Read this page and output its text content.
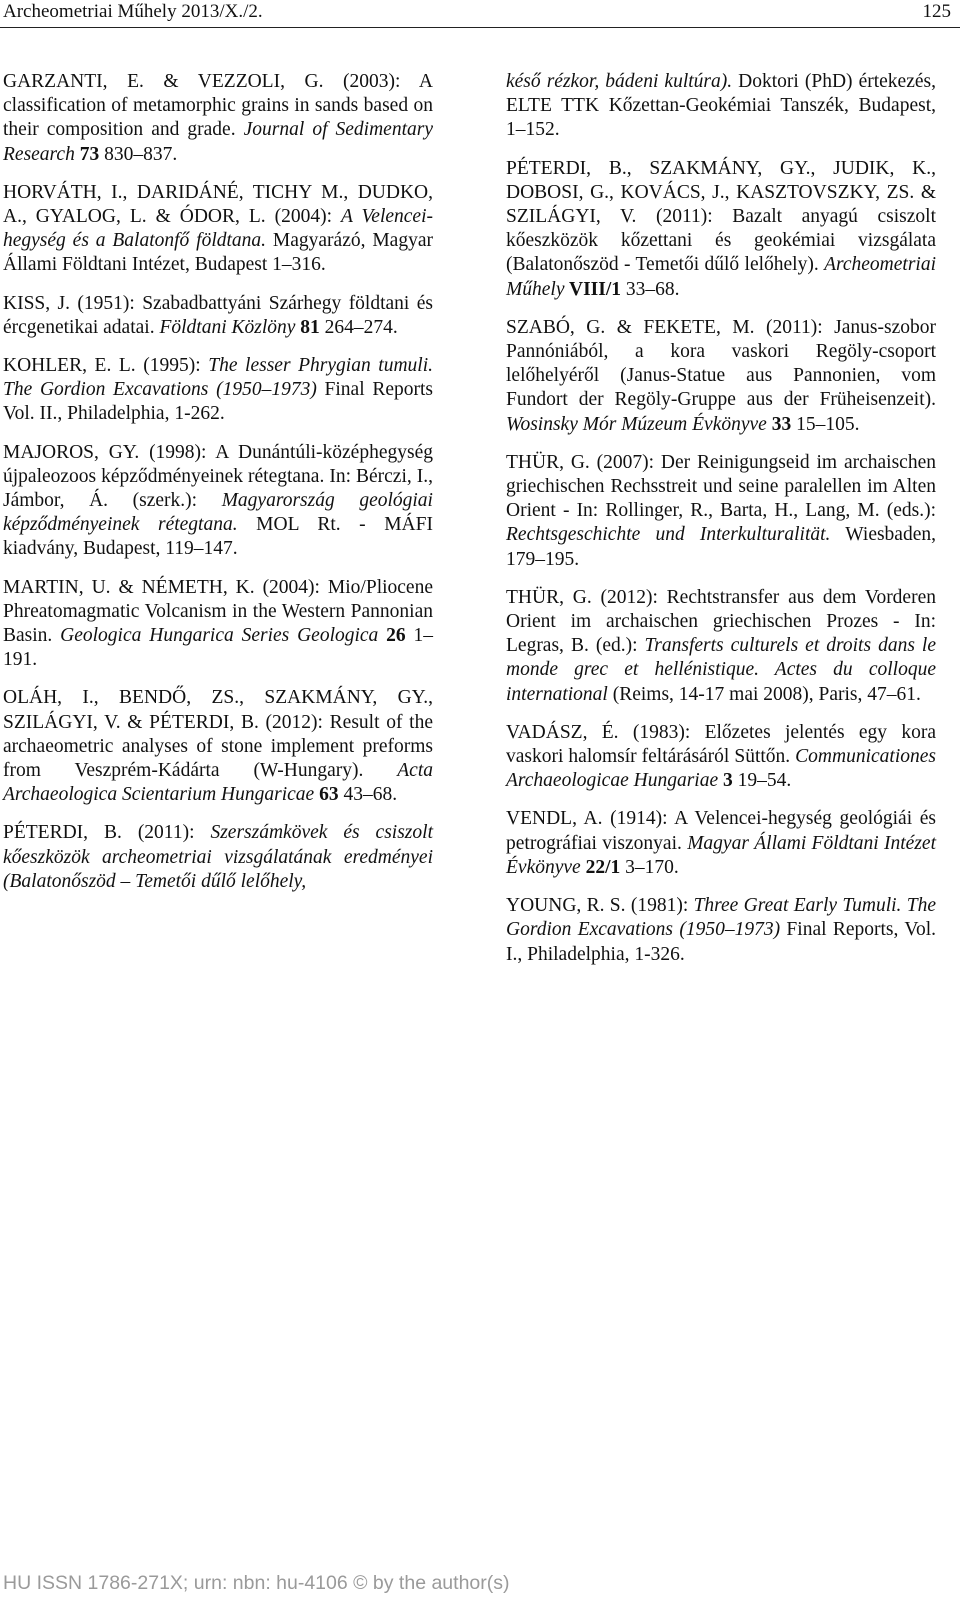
Archeometriai Műhely 2013/X./2.	125

GARZANTI, E. & VEZZOLI, G. (2003): A classification of metamorphic grains in sands based on their composition and grade. Journal of Sedimentary Research 73 830–837.

HORVÁTH, I., DARIDÁNÉ, TICHY M., DUDKO, A., GYALOG, L. & ÓDOR, L. (2004): A Velencei-hegység és a Balatonfő földtana. Magyarázó, Magyar Állami Földtani Intézet, Budapest 1–316.

KISS, J. (1951): Szabadbattyáni Szárhegy földtani és ércgenetikai adatai. Földtani Közlöny 81 264–274.

KOHLER, E. L. (1995): The lesser Phrygian tumuli. The Gordion Excavations (1950–1973) Final Reports Vol. II., Philadelphia, 1-262.

MAJOROS, GY. (1998): A Dunántúli-középhegység újpaleozoos képződményeinek rétegtana. In: Bérczi, I., Jámbor, Á. (szerk.): Magyarország geológiai képződményeinek rétegtana. MOL Rt. - MÁFI kiadvány, Budapest, 119–147.

MARTIN, U. & NÉMETH, K. (2004): Mio/Pliocene Phreatomagmatic Volcanism in the Western Pannonian Basin. Geologica Hungarica Series Geologica 26 1–191.

OLÁH, I., BENDŐ, ZS., SZAKMÁNY, GY., SZILÁGYI, V. & PÉTERDI, B. (2012): Result of the archaeometric analyses of stone implement preforms from Veszprém-Kádárta (W-Hungary). Acta Archaeologica Scientarium Hungaricae 63 43–68.

PÉTERDI, B. (2011): Szerszámkövek és csiszolt kőeszközök archeometriai vizsgálatának eredményei (Balatonőszöd – Temetői dűlő lelőhely,

késő rézkor, bádeni kultúra). Doktori (PhD) értekezés, ELTE TTK Kőzettan-Geokémiai Tanszék, Budapest, 1–152.

PÉTERDI, B., SZAKMÁNY, GY., JUDIK, K., DOBOSI, G., KOVÁCS, J., KASZTOVSZKY, ZS. & SZILÁGYI, V. (2011): Bazalt anyagú csiszolt kőeszközök kőzettani és geokémiai vizsgálata (Balatonőszöd - Temetői dűlő lelőhely). Archeometriai Műhely VIII/1 33–68.

SZABÓ, G. & FEKETE, M. (2011): Janus-szobor Pannóniából, a kora vaskori Regöly-csoport lelőhelyéről (Janus-Statue aus Pannonien, vom Fundort der Regöly-Gruppe aus der Früheisenzeit). Wosinsky Mór Múzeum Évkönyve 33 15–105.

THÜR, G. (2007): Der Reinigungseid im archaischen griechischen Rechsstreit und seine paralellen im Alten Orient - In: Rollinger, R., Barta, H., Lang, M. (eds.): Rechtsgeschichte und Interkulturalität. Wiesbaden, 179–195.

THÜR, G. (2012): Rechtstransfer aus dem Vorderen Orient im archaischen griechischen Prozes - In: Legras, B. (ed.): Transferts culturels et droits dans le monde grec et hellénistique. Actes du colloque international (Reims, 14-17 mai 2008), Paris, 47–61.

VADÁSZ, É. (1983): Előzetes jelentés egy kora vaskori halomsír feltárásáról Süttőn. Communicationes Archaeologicae Hungariae 3 19–54.

VENDL, A. (1914): A Velencei-hegység geológiái és petrográfiai viszonyai. Magyar Állami Földtani Intézet Évkönyve 22/1 3–170.

YOUNG, R. S. (1981): Three Great Early Tumuli. The Gordion Excavations (1950–1973) Final Reports, Vol. I., Philadelphia, 1-326.

HU ISSN 1786-271X; urn: nbn: hu-4106 © by the author(s)
